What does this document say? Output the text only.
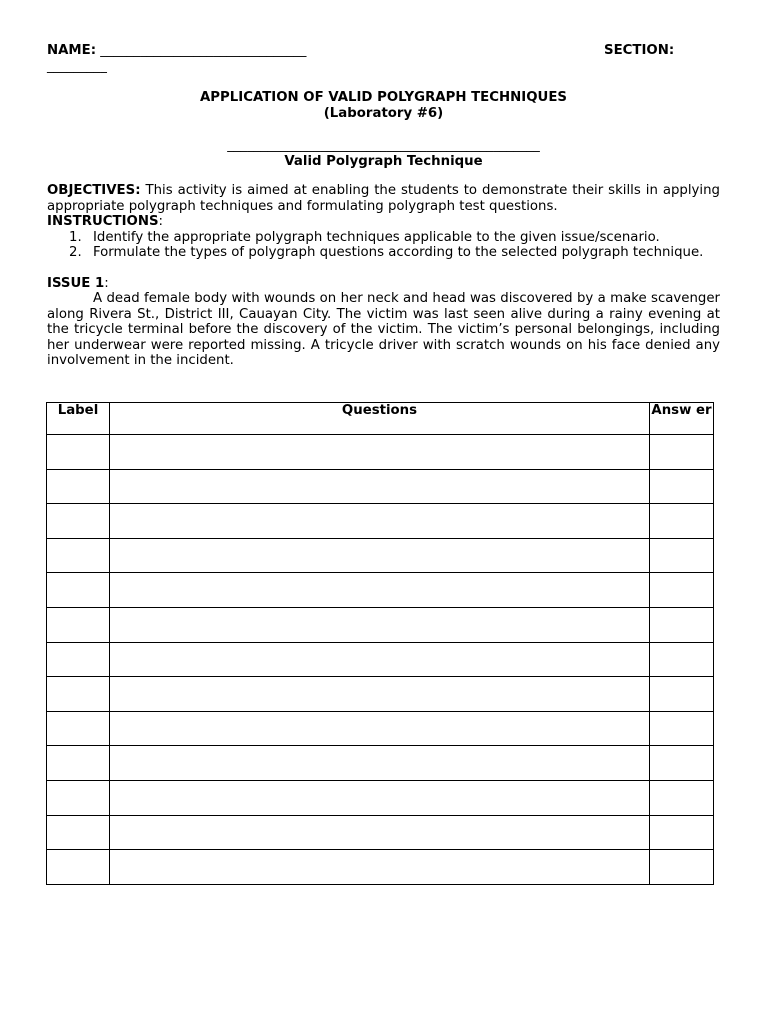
NAME: _______________________________	SECTION:
_________
APPLICATION OF VALID POLYGRAPH TECHNIQUES
(Laboratory #6)
_______________________________________________
Valid Polygraph Technique
OBJECTIVES: This activity is aimed at enabling the students to demonstrate their skills in applying appropriate polygraph techniques and formulating polygraph test questions.
INSTRUCTIONS:
1. Identify the appropriate polygraph techniques applicable to the given issue/scenario.
2. Formulate the types of polygraph questions according to the selected polygraph technique.
ISSUE 1:
A dead female body with wounds on her neck and head was discovered by a make scavenger along Rivera St., District III, Cauayan City. The victim was last seen alive during a rainy evening at the tricycle terminal before the discovery of the victim. The victim’s personal belongings, including her underwear were reported missing. A tricycle driver with scratch wounds on his face denied any involvement in the incident.
Label	Questions	Answ er
